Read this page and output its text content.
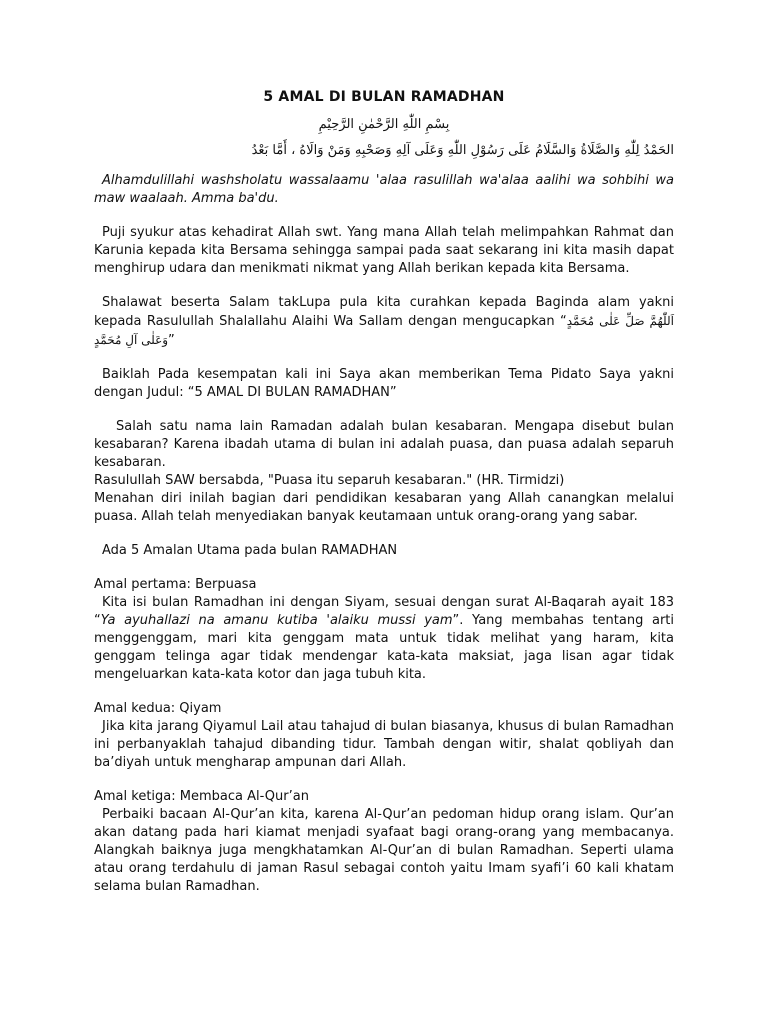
5 AMAL DI BULAN RAMADHAN
بِسْمِ اللّٰهِ الرَّحْمٰنِ الرَّحِيْمِ
الحَمْدُ لِلّٰهِ وَالصَّلَاةُ وَالسَّلَامُ عَلَى رَسُوْلِ اللّٰهِ وَعَلَى آلِهِ وَصَحْبِهِ وَمَنْ وَالَاهُ ، أَمَّا بَعْدُ

Alhamdulillahi washsholatu wassalaamu 'alaa rasulillah wa'alaa aalihi wa sohbihi wa maw waalaah. Amma ba'du.

Puji syukur atas kehadirat Allah swt. Yang mana Allah telah melimpahkan Rahmat dan Karunia kepada kita Bersama sehingga sampai pada saat sekarang ini kita masih dapat menghirup udara dan menikmati nikmat yang Allah berikan kepada kita Bersama.

Shalawat beserta Salam takLupa pula kita curahkan kepada Baginda alam yakni kepada Rasulullah Shalallahu Alaihi Wa Sallam dengan mengucapkan “اَللّٰهُمَّ صَلِّ عَلٰى مُحَمَّدٍ وَعَلٰى آلِ مُحَمَّدٍ”

Baiklah Pada kesempatan kali ini Saya akan memberikan Tema Pidato Saya yakni dengan Judul: “5 AMAL DI BULAN RAMADHAN”

Salah satu nama lain Ramadan adalah bulan kesabaran. Mengapa disebut bulan kesabaran? Karena ibadah utama di bulan ini adalah puasa, dan puasa adalah separuh kesabaran.

Rasulullah SAW bersabda, "Puasa itu separuh kesabaran." (HR. Tirmidzi)

Menahan diri inilah bagian dari pendidikan kesabaran yang Allah canangkan melalui puasa. Allah telah menyediakan banyak keutamaan untuk orang-orang yang sabar.

Ada 5 Amalan Utama pada bulan RAMADHAN

Amal pertama: Berpuasa

Kita isi bulan Ramadhan ini dengan Siyam, sesuai dengan surat Al-Baqarah ayait 183 “Ya ayuhallazi na amanu kutiba 'alaiku mussi yam”. Yang membahas tentang arti menggenggam, mari kita genggam mata untuk tidak melihat yang haram, kita genggam telinga agar tidak mendengar kata-kata maksiat, jaga lisan agar tidak mengeluarkan kata-kata kotor dan jaga tubuh kita.

Amal kedua: Qiyam

Jika kita jarang Qiyamul Lail atau tahajud di bulan biasanya, khusus di bulan Ramadhan ini perbanyaklah tahajud dibanding tidur. Tambah dengan witir, shalat qobliyah dan ba’diyah untuk mengharap ampunan dari Allah.

Amal ketiga: Membaca Al-Qur’an

Perbaiki bacaan Al-Qur’an kita, karena Al-Qur’an pedoman hidup orang islam. Qur’an akan datang pada hari kiamat menjadi syafaat bagi orang-orang yang membacanya. Alangkah baiknya juga mengkhatamkan Al-Qur’an di bulan Ramadhan. Seperti ulama atau orang terdahulu di jaman Rasul sebagai contoh yaitu Imam syafi’i 60 kali khatam selama bulan Ramadhan.
